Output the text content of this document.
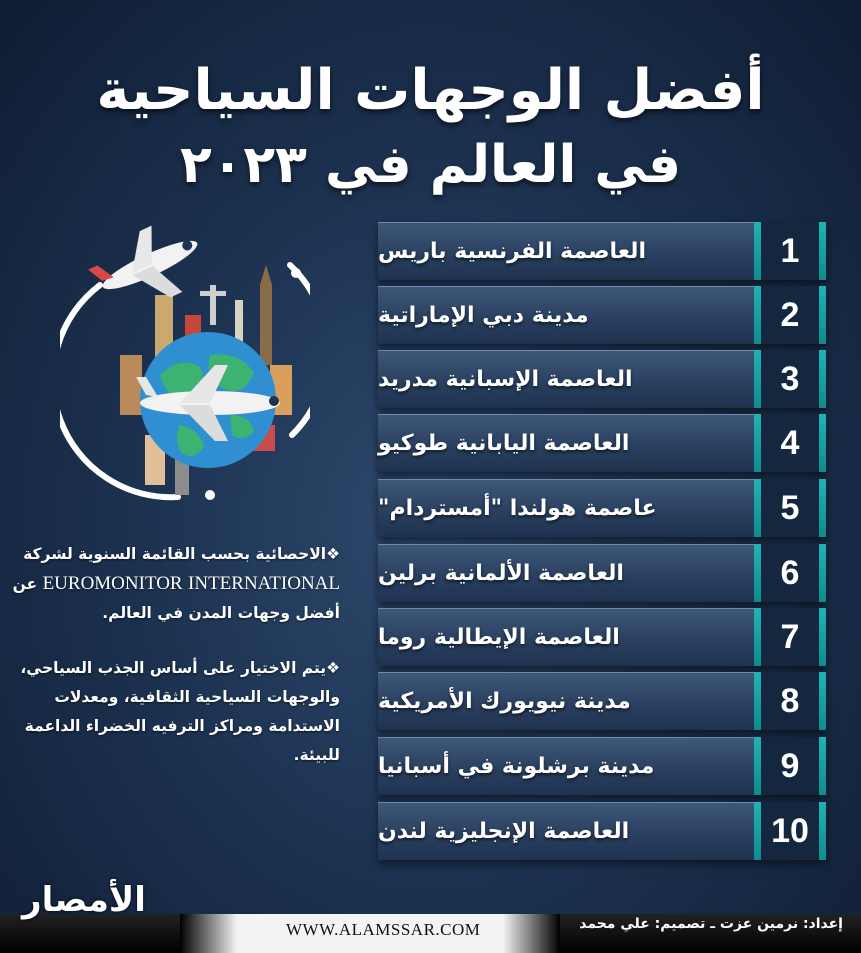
أفضل الوجهات السياحية
في العالم في ٢٠٢٣
العاصمة الفرنسية باريس	1
مدينة دبي الإماراتية	2
العاصمة الإسبانية مدريد	3
العاصمة اليابانية طوكيو	4
عاصمة هولندا "أمستردام"	5
العاصمة الألمانية برلين	6
العاصمة الإيطالية روما	7
مدينة نيويورك الأمريكية	8
مدينة برشلونة في أسبانيا	9
العاصمة الإنجليزية لندن	10

❖الاحصائية بحسب القائمة السنوية لشركة EUROMONITOR INTERNATIONAL عن أفضل وجهات المدن في العالم.

❖يتم الاختيار على أساس الجذب السياحي، والوجهات السياحية الثقافية، ومعدلات الاستدامة ومراكز الترفيه الخضراء الداعمة للبيئة.

الأمصار
WWW.ALAMSSAR.COM	إعداد: نرمين عزت ـ تصميم: علي محمد
